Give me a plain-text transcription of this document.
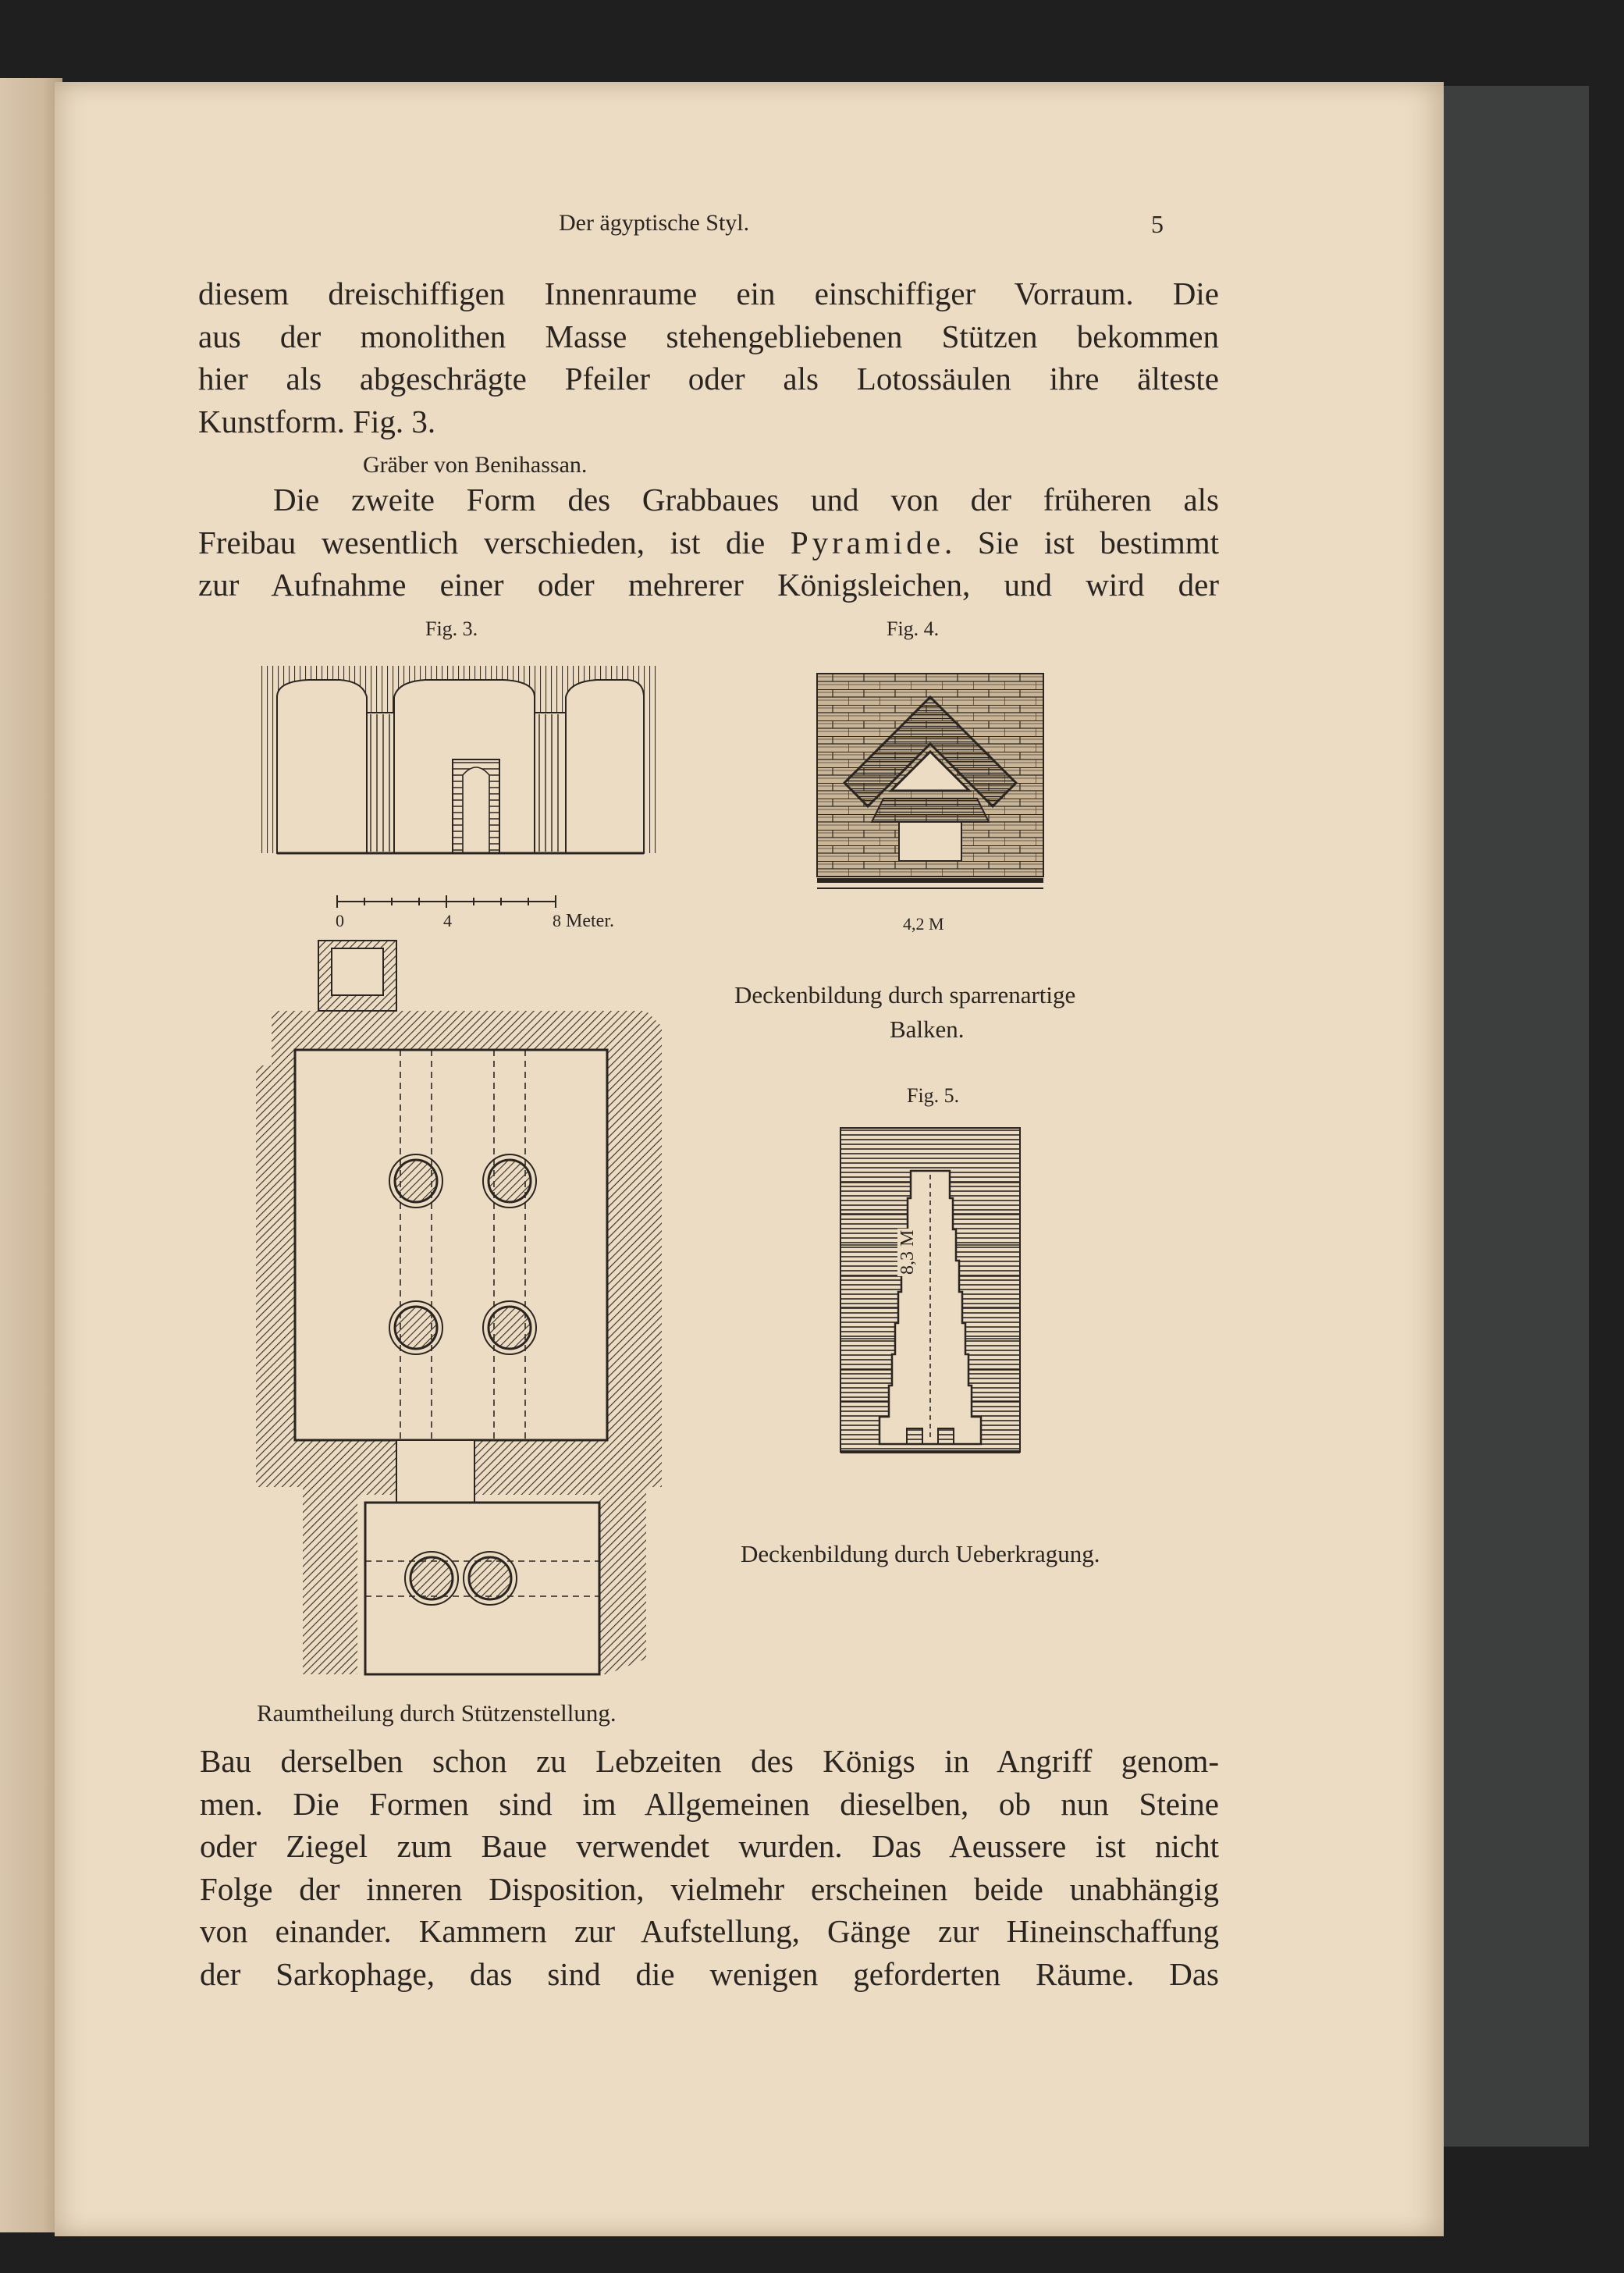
Der ägyptische Styl.	5

diesem dreischiffigen Innenraume ein einschiffiger Vorraum. Die

aus der monolithen Masse stehengebliebenen Stützen bekommen

hier als abgeschrägte Pfeiler oder als Lotossäulen ihre älteste

Kunstform. Fig. 3.

Gräber von Benihassan.

Die zweite Form des Grabbaues und von der früheren als

Freibau wesentlich verschieden, ist die Pyramide. Sie ist bestimmt

zur Aufnahme einer oder mehrerer Königsleichen, und wird der

Fig. 3.	Fig. 4.
Fig. 5.
0	4	8 Meter.
Raumtheilung durch Stützenstellung.
4,2 M
Deckenbildung durch sparrenartige
Balken.
8,3 M
Deckenbildung durch Ueberkragung.

Bau derselben schon zu Lebzeiten des Königs in Angriff genom-

men. Die Formen sind im Allgemeinen dieselben, ob nun Steine

oder Ziegel zum Baue verwendet wurden. Das Aeussere ist nicht

Folge der inneren Disposition, vielmehr erscheinen beide unabhängig

von einander. Kammern zur Aufstellung, Gänge zur Hineinschaffung

der Sarkophage, das sind die wenigen geforderten Räume. Das
